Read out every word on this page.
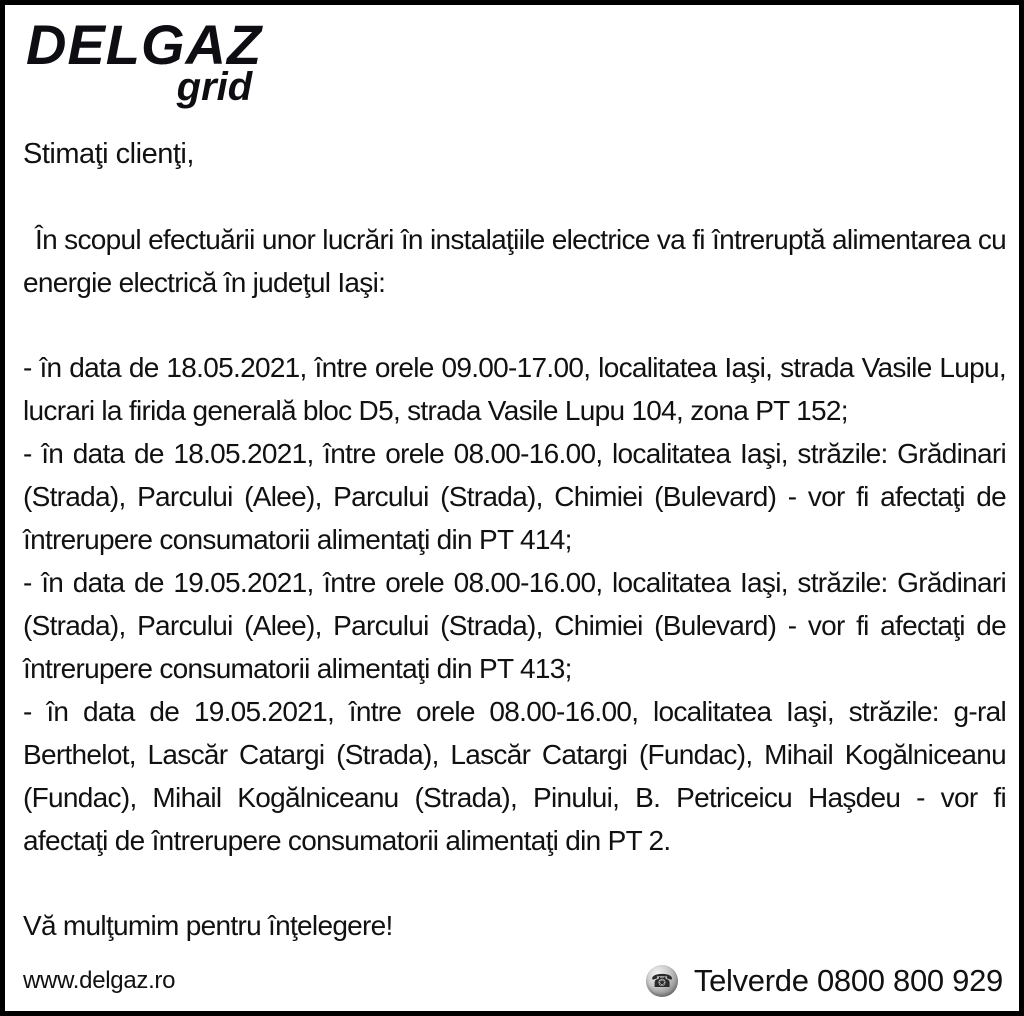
DELGAZ
grid

Stimaţi clienţi,

În scopul efectuării unor lucrări în instalaţiile electrice va fi întreruptă alimentarea cu energie electrică în judeţul Iaşi:

- în data de 18.05.2021, între orele 09.00-17.00, localitatea Iaşi, strada Vasile Lupu, lucrari la firida generală bloc D5, strada Vasile Lupu 104, zona PT 152;

- în data de 18.05.2021, între orele 08.00-16.00, localitatea Iaşi, străzile: Grădinari (Strada), Parcului (Alee), Parcului (Strada), Chimiei (Bulevard) - vor fi afectaţi de întrerupere consumatorii alimentaţi din PT 414;

- în data de 19.05.2021, între orele 08.00-16.00, localitatea Iaşi, străzile: Grădinari (Strada), Parcului (Alee), Parcului (Strada), Chimiei (Bulevard) - vor fi afectaţi de întrerupere consumatorii alimentaţi din PT 413;

- în data de 19.05.2021, între orele 08.00-16.00, localitatea Iaşi, străzile: g-ral Berthelot, Lascăr Catargi (Strada), Lascăr Catargi (Fundac), Mihail Kogălniceanu (Fundac), Mihail Kogălniceanu (Strada), Pinului, B. Petriceicu Haşdeu - vor fi afectaţi de întrerupere consumatorii alimentaţi din PT 2.

Vă mulţumim pentru înţelegere!

www.delgaz.ro	☎ Telverde 0800 800 929
